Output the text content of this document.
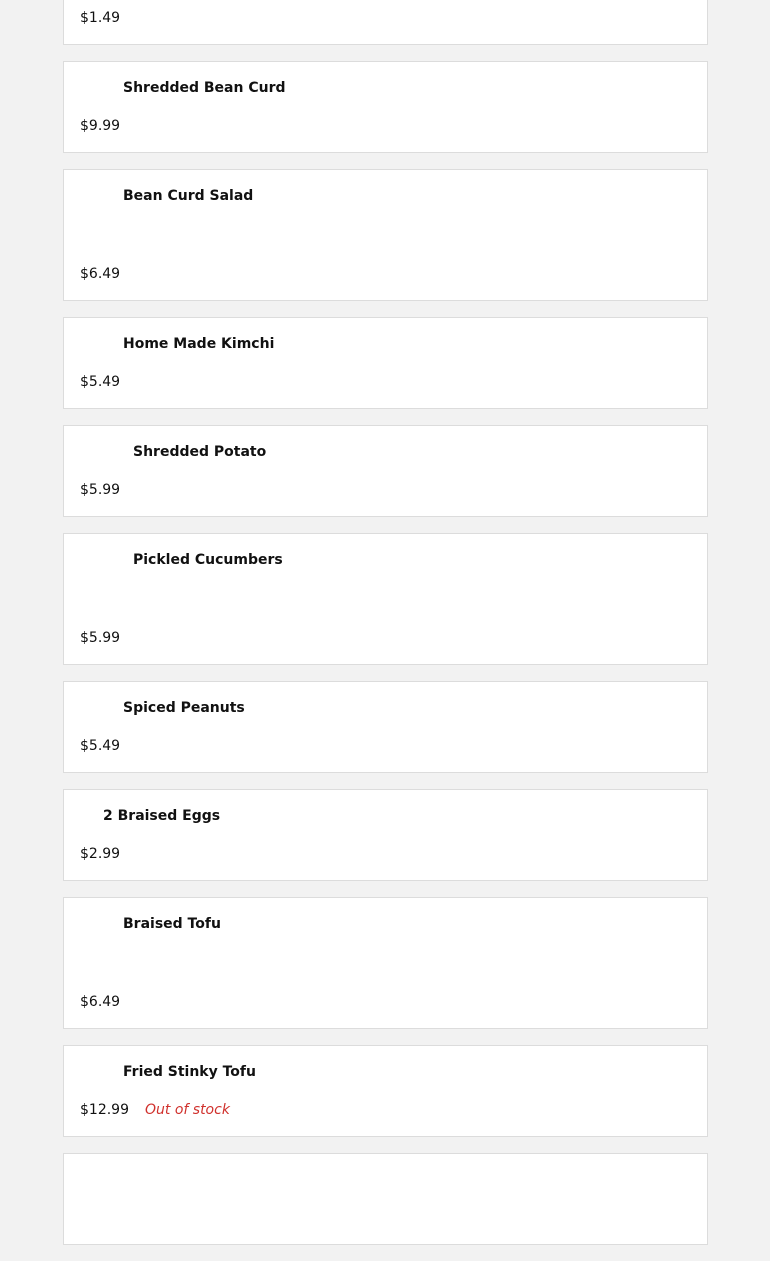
$1.49
Shredded Bean Curd
$9.99
Bean Curd Salad
$6.49
Home Made Kimchi
$5.49
Shredded Potato
$5.99
Pickled Cucumbers
$5.99
Spiced Peanuts
$5.49
2 Braised Eggs
$2.99
Braised Tofu
$6.49
Fried Stinky Tofu
$12.99 Out of stock
